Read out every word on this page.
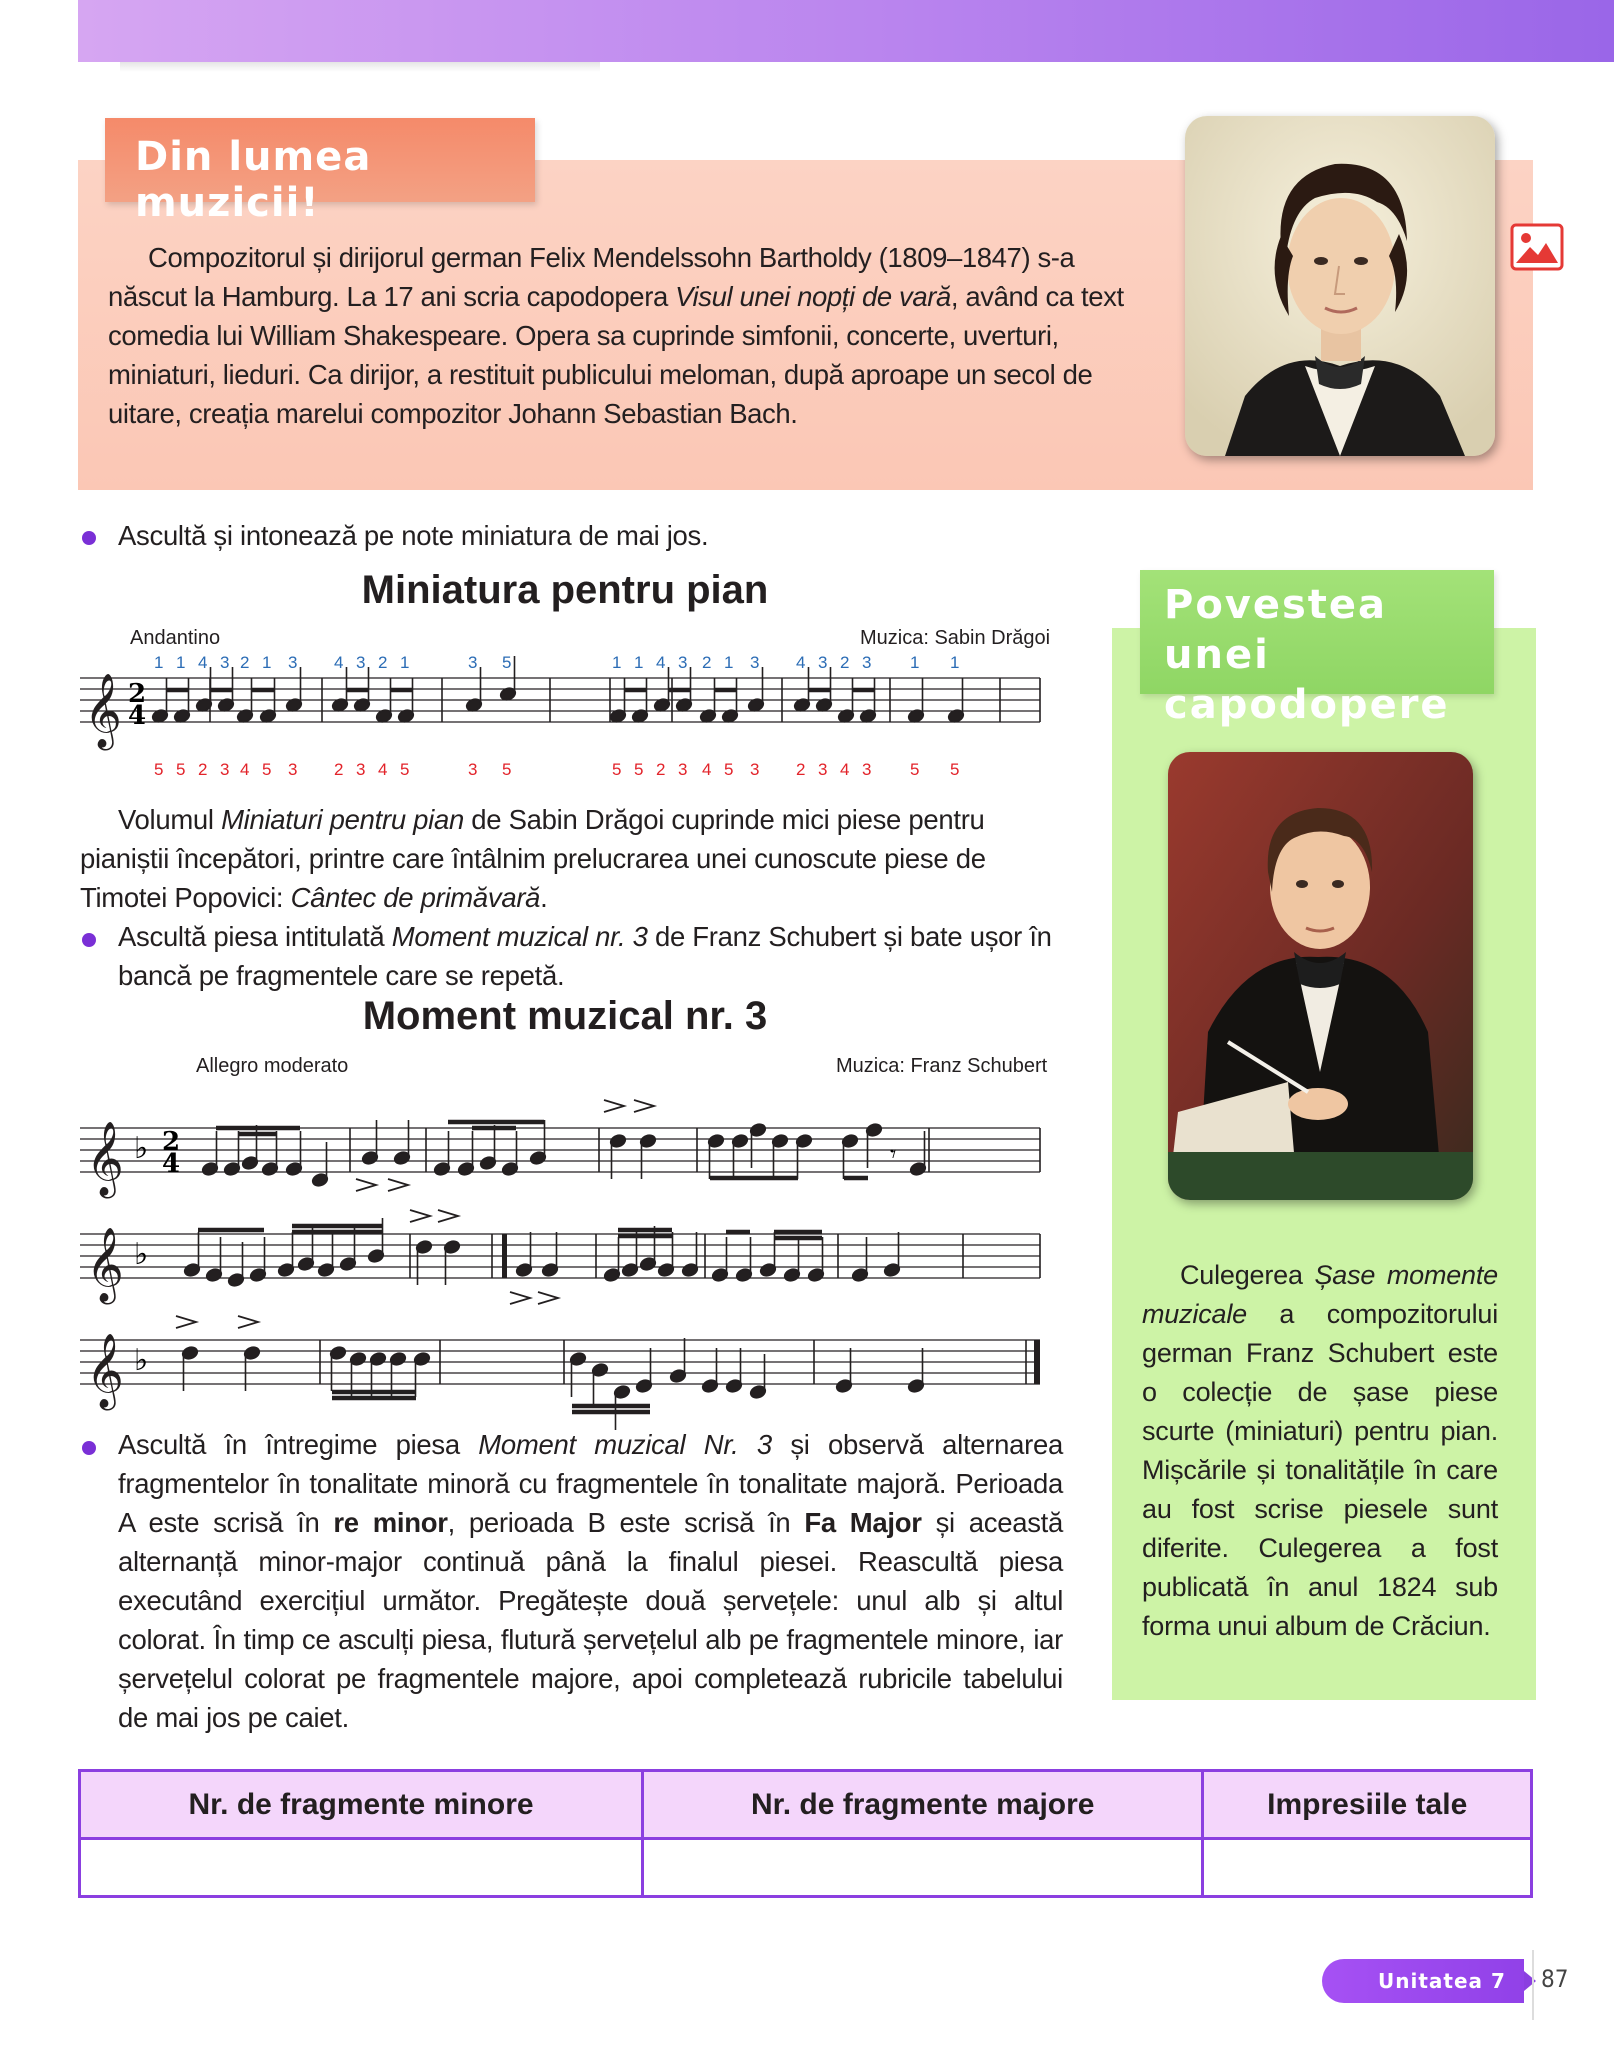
Din lumea muzicii!

Compozitorul și dirijorul german Felix Mendelssohn Bartholdy (1809–1847) s-a născut la Hamburg. La 17 ani scria capodopera Visul unei nopți de vară, având ca text comedia lui William Shakespeare. Opera sa cuprinde simfonii, concerte, uverturi, miniaturi, lieduri. Ca dirijor, a restituit publicului meloman, după aproape un secol de uitare, creația marelui compozitor Johann Sebastian Bach.

Ascultă și intonează pe note miniatura de mai jos.
Miniatura pentru pian
Andantino	Muzica: Sabin Drăgoi
𝄞 2
4
1 1 4 3 2 1 3 4 3 2 1	3 5	1 1 4 3 2 1 3 4 3 2 3 1 1
5 5 2 3 4 5 3 2 3 4 5	3 5	5 5 2 3 4 5 3 2 3 4 3 5 5
Volumul Miniaturi pentru pian de Sabin Drăgoi cuprinde mici piese pentru pianiștii începători, printre care întâlnim prelucrarea unei cunoscute piese de Timotei Popovici: Cântec de primăvară.
Ascultă piesa intitulată Moment muzical nr. 3 de Franz Schubert și bate ușor în bancă pe fragmentele care se repetă.
Moment muzical nr. 3
Allegro moderato	Muzica: Franz Schubert
𝄞
𝄞
𝄞
♭
♭
♭
2
4	𝄾
Ascultă în întregime piesa Moment muzical Nr. 3 și observă alternarea fragmentelor în tonalitate minoră cu fragmentele în tonalitate majoră. Perioada A este scrisă în re minor, perioada B este scrisă în Fa Major și această alternanță minor-major continuă până la finalul piesei. Reascultă piesa executând exercițiul următor. Pregătește două șervețele: unul alb și altul colorat. În timp ce asculți piesa, flutură șervețelul alb pe fragmentele minore, iar șervețelul colorat pe fragmentele majore, apoi completează rubricile tabelului de mai jos pe caiet.
Povestea unei capodopere

Culegerea Șase momente muzicale a compozitorului german Franz Schubert este o colecție de șase piese scurte (miniaturi) pentru pian. Mișcările și tonalitățile în care au fost scrise piesele sunt diferite. Culegerea a fost publicată în anul 1824 sub forma unui album de Crăciun.

Nr. de fragmente minore	Nr. de fragmente majore	Impresiile tale

Unitatea 7	87
